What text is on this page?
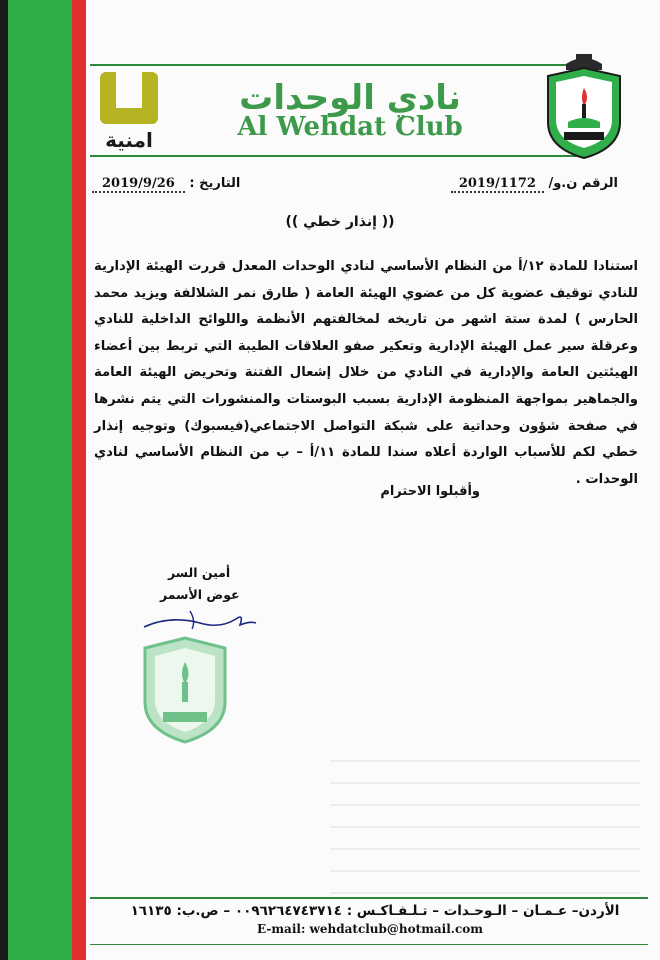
امنية
نادي الوحدات
Al Wehdat Club
الرقم ن.و/ 2019/1172
التاريخ : 2019/9/26
(( إنذار خطي ))
استنادا للمادة ١٢/أ من النظام الأساسي لنادي الوحدات المعدل قررت الهيئة الإدارية للنادي توقيف عضوية كل من عضوي الهيئة العامة ( طارق نمر الشلالفة ويزيد محمد الحارس ) لمدة ستة اشهر من تاريخه لمخالفتهم الأنظمة واللوائح الداخلية للنادي وعرقلة سير عمل الهيئة الإدارية وتعكير صفو العلاقات الطيبة التي تربط بين أعضاء الهيئتين العامة والإدارية في النادي من خلال إشعال الفتنة وتحريض الهيئة العامة والجماهير بمواجهة المنظومة الإدارية بسبب البوستات والمنشورات التي يتم نشرها في صفحة شؤون وحداتية على شبكة التواصل الاجتماعي(فيسبوك) وتوجيه إنذار خطي لكم للأسباب الواردة أعلاه سندا للمادة ١١/أ – ب من النظام الأساسي لنادي الوحدات .
وأقبلوا الاحترام
أمين السر
عوض الأسمر
الأردن– عـمـان – الـوحـدات – تـلـفـاكـس : ٠٠٩٦٢٦٤٧٤٣٧١٤ – ص.ب: ١٦١٣٥
E-mail: wehdatclub@hotmail.com
